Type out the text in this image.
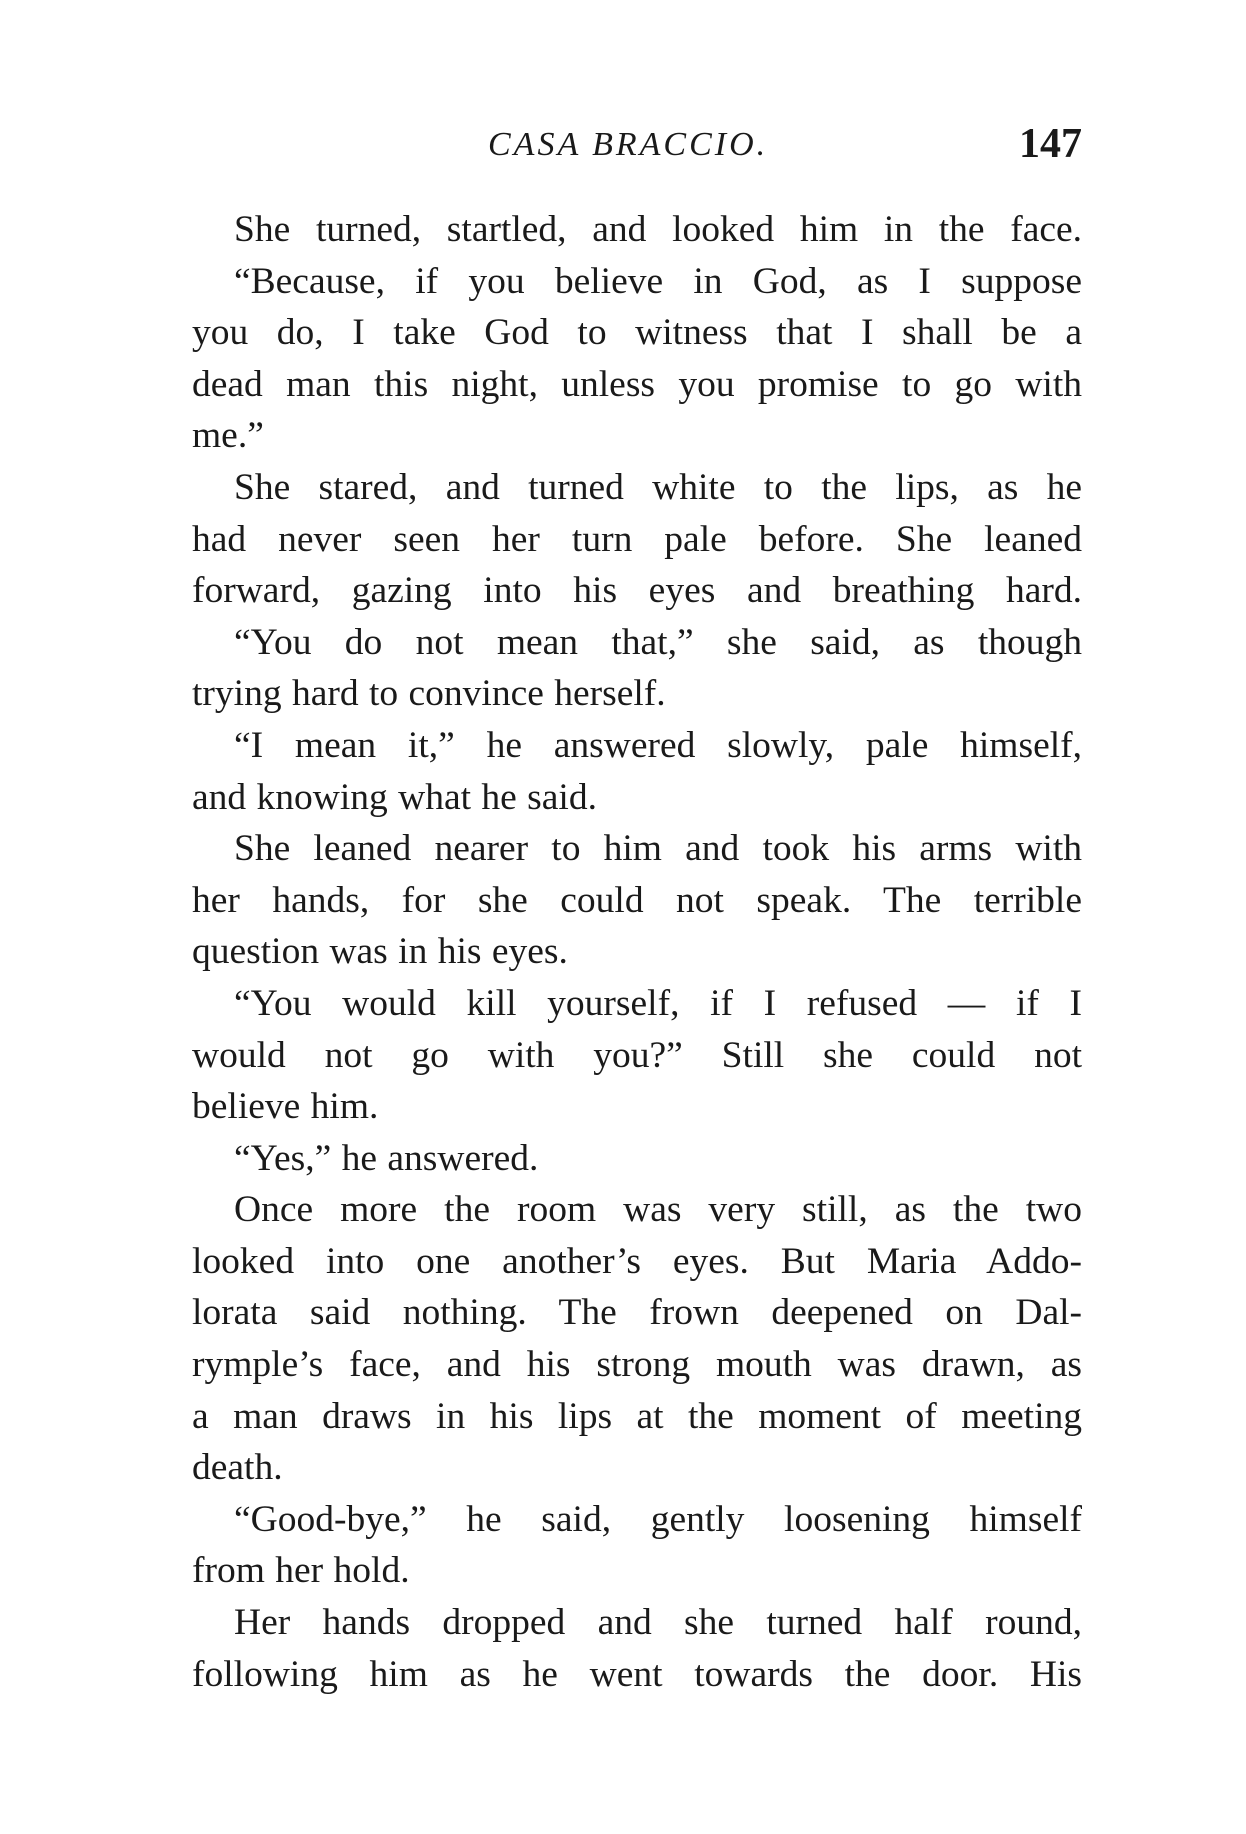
CASA BRACCIO.	147
She turned, startled, and looked him in the face.
“Because, if you believe in God, as I suppose
you do, I take God to witness that I shall be a
dead man this night, unless you promise to go with
me.”
She stared, and turned white to the lips, as he
had never seen her turn pale before. She leaned
forward, gazing into his eyes and breathing hard.
“You do not mean that,” she said, as though
trying hard to convince herself.
“I mean it,” he answered slowly, pale himself,
and knowing what he said.
She leaned nearer to him and took his arms with
her hands, for she could not speak. The terrible
question was in his eyes.
“You would kill yourself, if I refused — if I
would not go with you?” Still she could not
believe him.
“Yes,” he answered.
Once more the room was very still, as the two
looked into one another’s eyes. But Maria Addo-
lorata said nothing. The frown deepened on Dal-
rymple’s face, and his strong mouth was drawn, as
a man draws in his lips at the moment of meeting
death.
“Good-bye,” he said, gently loosening himself
from her hold.
Her hands dropped and she turned half round,
following him as he went towards the door. His
